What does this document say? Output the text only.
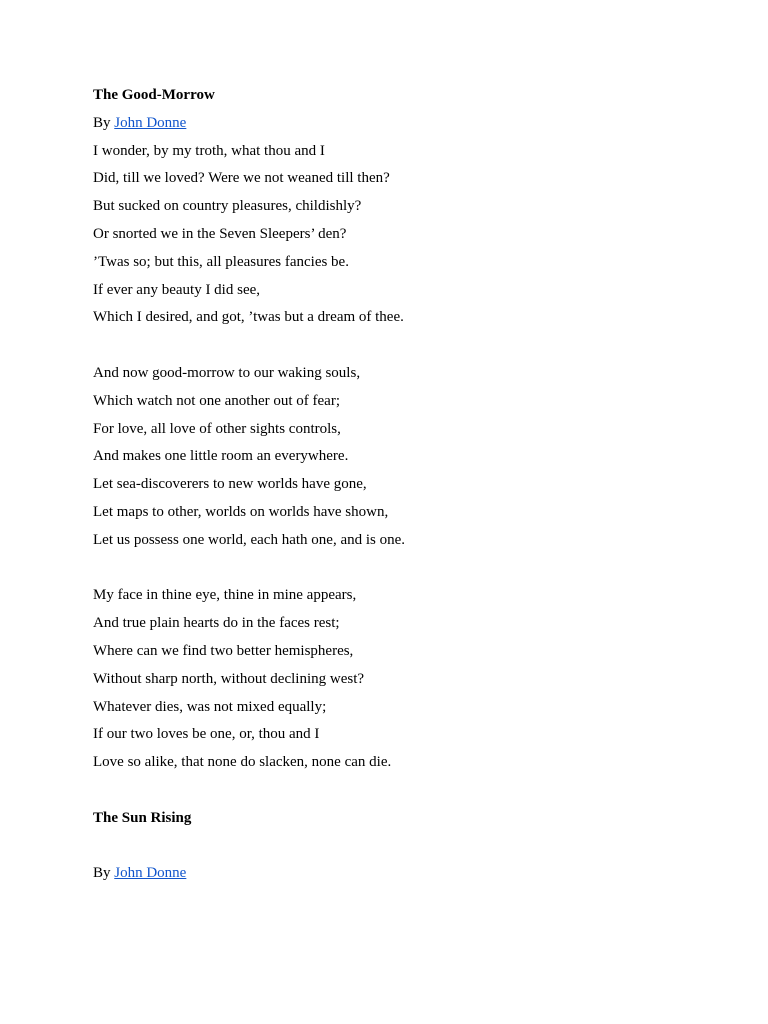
The Good-Morrow
By John Donne
I wonder, by my troth, what thou and I
Did, till we loved? Were we not weaned till then?
But sucked on country pleasures, childishly?
Or snorted we in the Seven Sleepers’ den?
’Twas so; but this, all pleasures fancies be.
If ever any beauty I did see,
Which I desired, and got, ’twas but a dream of thee.
And now good-morrow to our waking souls,
Which watch not one another out of fear;
For love, all love of other sights controls,
And makes one little room an everywhere.
Let sea-discoverers to new worlds have gone,
Let maps to other, worlds on worlds have shown,
Let us possess one world, each hath one, and is one.
My face in thine eye, thine in mine appears,
And true plain hearts do in the faces rest;
Where can we find two better hemispheres,
Without sharp north, without declining west?
Whatever dies, was not mixed equally;
If our two loves be one, or, thou and I
Love so alike, that none do slacken, none can die.
The Sun Rising
By John Donne
